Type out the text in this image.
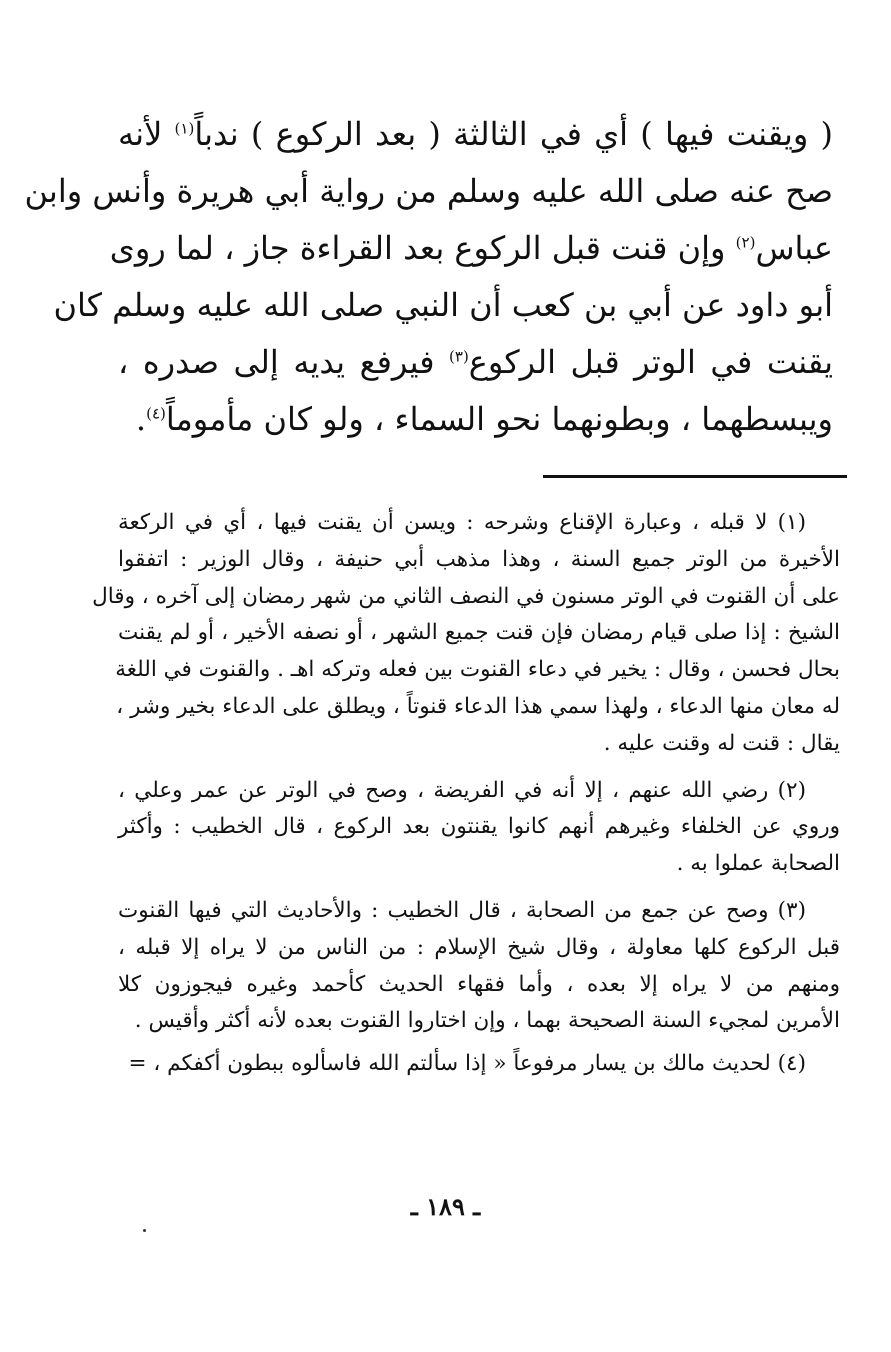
( ويقنت فيها ) أي في الثالثة ( بعد الركوع ) ندباً$^{(١)}$ لأنه
صح عنه صلى الله عليه وسلم من رواية أبي هريرة وأنس وابن
عباس$^{(٢)}$ وإن قنت قبل الركوع بعد القراءة جاز ، لما روى
أبو داود عن أبي بن كعب أن النبي صلى الله عليه وسلم كان
يقنت في الوتر قبل الركوع$^{(٣)}$ فيرفع يديه إلى صدره ،
ويبسطهما ، وبطونهما نحو السماء ، ولو كان مأموماً$^{(٤)}$.
(١) لا قبله ، وعبارة الإقناع وشرحه : ويسن أن يقنت فيها ، أي في الركعة
الأخيرة من الوتر جميع السنة ، وهذا مذهب أبي حنيفة ، وقال الوزير : اتفقوا
على أن القنوت في الوتر مسنون في النصف الثاني من شهر رمضان إلى آخره ، وقال
الشيخ : إذا صلى قيام رمضان فإن قنت جميع الشهر ، أو نصفه الأخير ، أو لم يقنت
بحال فحسن ، وقال : يخير في دعاء القنوت بين فعله وتركه اهـ . والقنوت في اللغة
له معان منها الدعاء ، ولهذا سمي هذا الدعاء قنوتاً ، ويطلق على الدعاء بخير وشر ،
يقال : قنت له وقنت عليه .
(٢) رضي الله عنهم ، إلا أنه في الفريضة ، وصح في الوتر عن عمر وعلي ،
وروي عن الخلفاء وغيرهم أنهم كانوا يقنتون بعد الركوع ، قال الخطيب : وأكثر
الصحابة عملوا به .
(٣) وصح عن جمع من الصحابة ، قال الخطيب : والأحاديث التي فيها القنوت
قبل الركوع كلها معاولة ، وقال شيخ الإسلام : من الناس من لا يراه إلا قبله ،
ومنهم من لا يراه إلا بعده ، وأما فقهاء الحديث كأحمد وغيره فيجوزون كلا
الأمرين لمجيء السنة الصحيحة بهما ، وإن اختاروا القنوت بعده لأنه أكثر وأقيس .
(٤) لحديث مالك بن يسار مرفوعاً « إذا سألتم الله فاسألوه ببطون أكفكم ، =
ـ ١٨٩ ـ
